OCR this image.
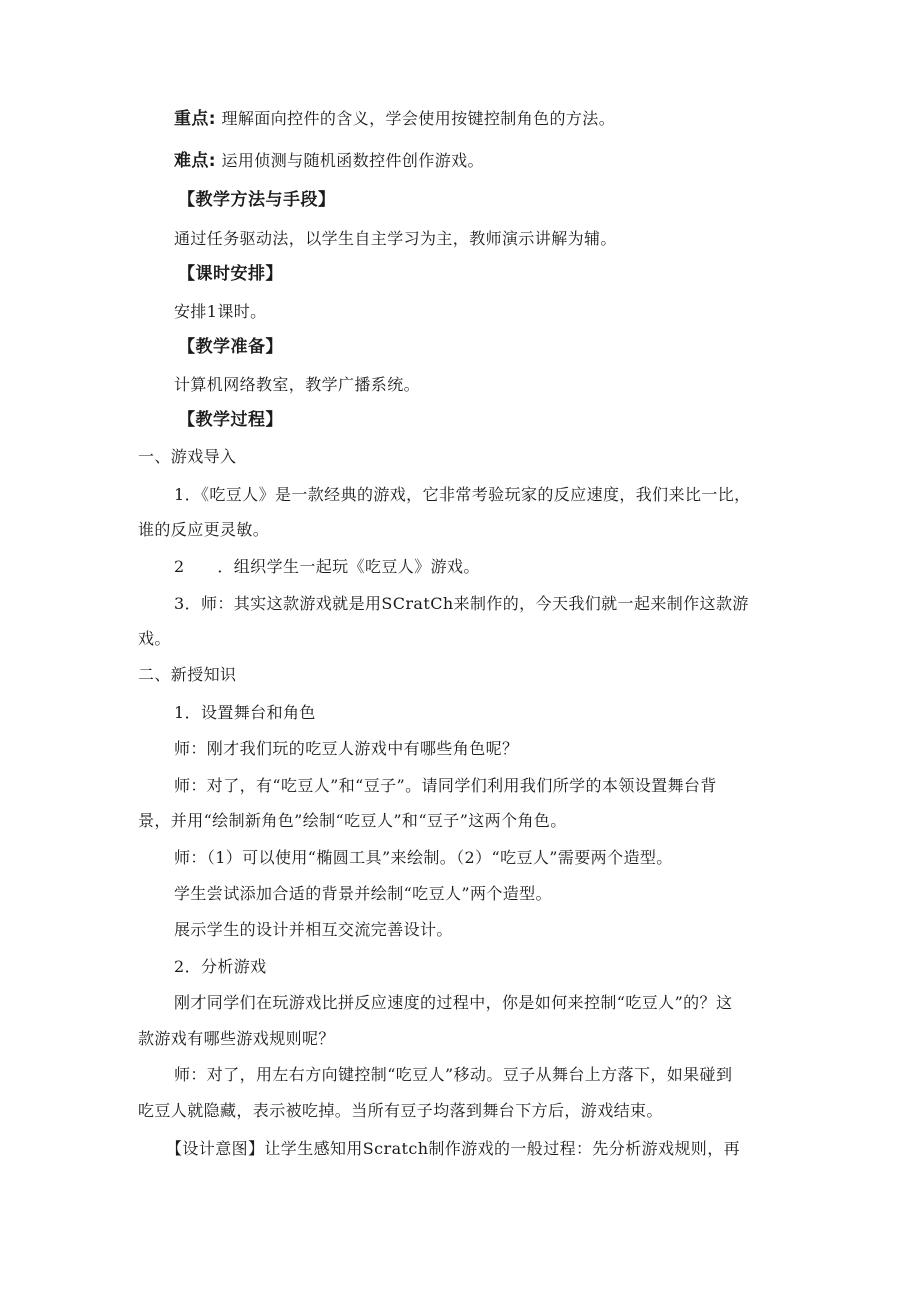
重点: 理解面向控件的含义，学会使用按键控制角色的方法。
难点: 运用侦测与随机函数控件创作游戏。
【教学方法与手段】
通过任务驱动法，以学生自主学习为主，教师演示讲解为辅。
【课时安排】
安排1课时。
【教学准备】
计算机网络教室，教学广播系统。
【教学过程】
一、游戏导入
1．《吃豆人》是一款经典的游戏，它非常考验玩家的反应速度，我们来比一比，
谁的反应更灵敏。
2　　．组织学生一起玩《吃豆人》游戏。
3．师：其实这款游戏就是用SCratCh来制作的，今天我们就一起来制作这款游
戏。
二、新授知识
1．设置舞台和角色
师：刚才我们玩的吃豆人游戏中有哪些角色呢？
师：对了，有“吃豆人”和“豆子”。请同学们利用我们所学的本领设置舞台背
景，并用“绘制新角色”绘制“吃豆人”和“豆子”这两个角色。
师：（1）可以使用“椭圆工具”来绘制。（2）“吃豆人”需要两个造型。
学生尝试添加合适的背景并绘制“吃豆人”两个造型。
展示学生的设计并相互交流完善设计。
2．分析游戏
刚才同学们在玩游戏比拼反应速度的过程中，你是如何来控制“吃豆人”的？这
款游戏有哪些游戏规则呢？
师：对了，用左右方向键控制“吃豆人”移动。豆子从舞台上方落下，如果碰到
吃豆人就隐藏，表示被吃掉。当所有豆子均落到舞台下方后，游戏结束。
【设计意图】让学生感知用Scratch制作游戏的一般过程：先分析游戏规则，再
